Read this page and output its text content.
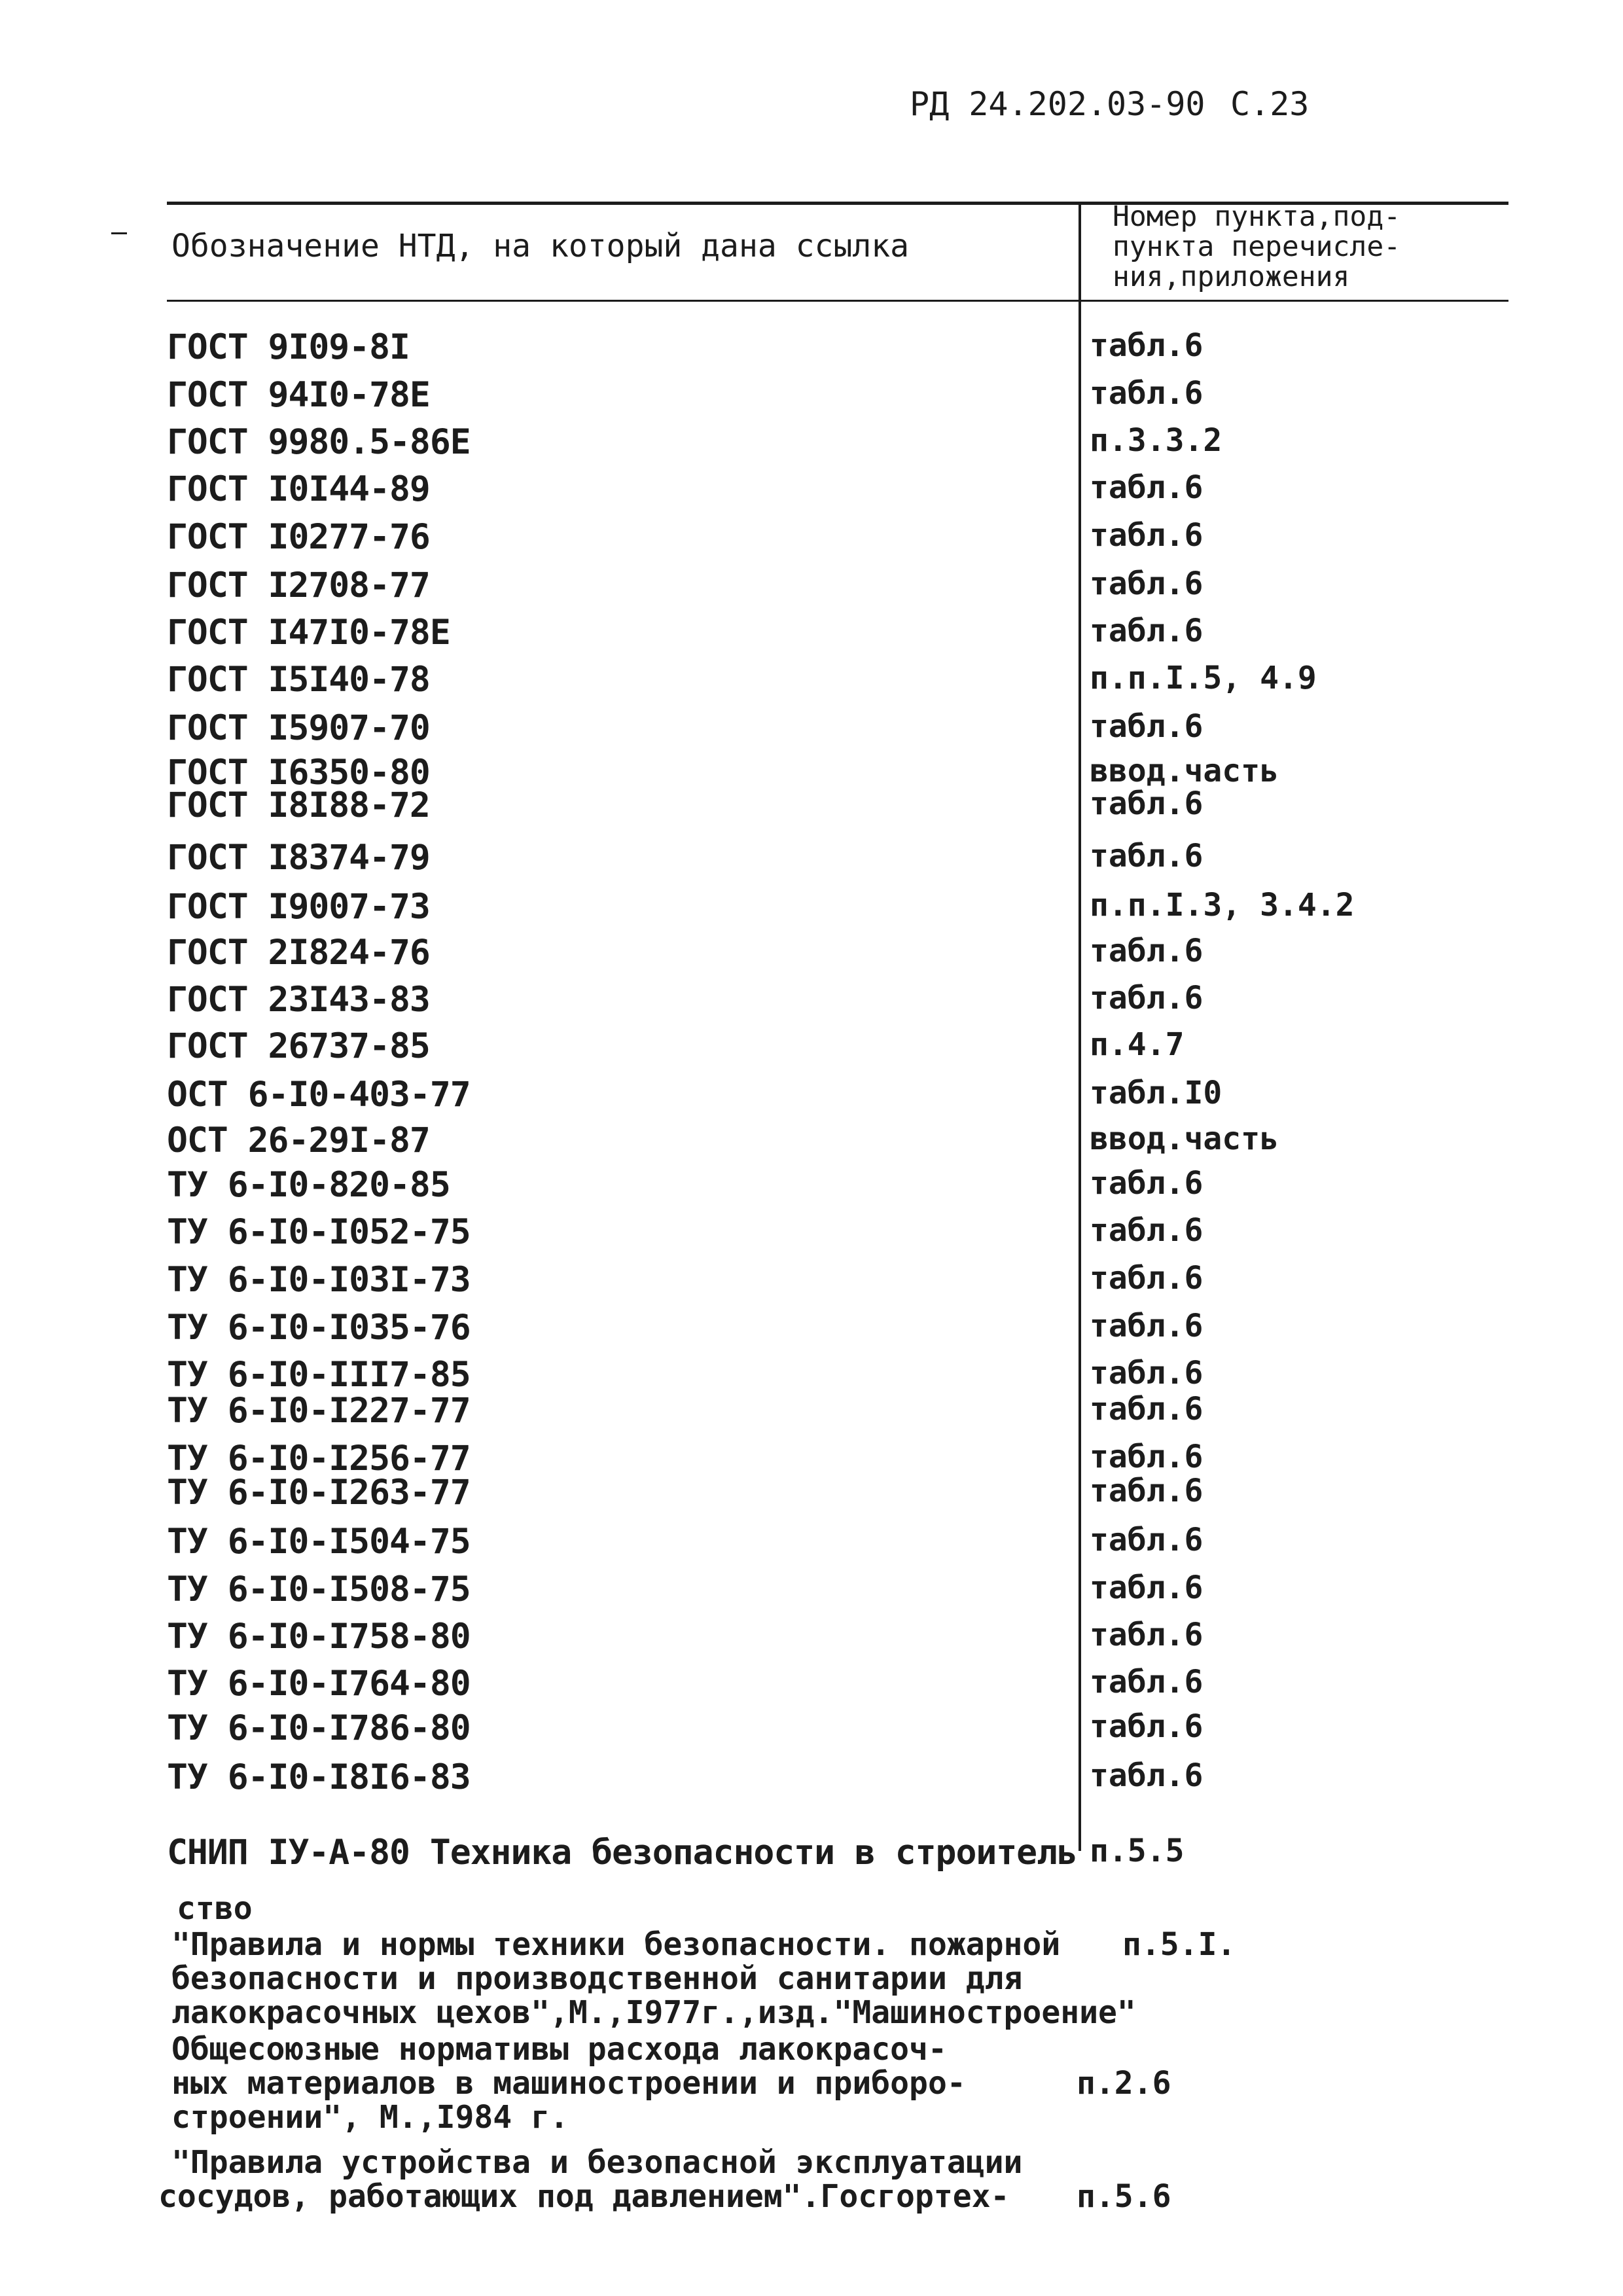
РД 24.202.03-90 С.23
Обозначение НТД, на который дана ссылка
Номер пункта,под-
пункта перечисле-
ния,приложения
ГОСТ 9I09-8I	табл.6
ГОСТ 94I0-78Е	табл.6
ГОСТ 9980.5-86Е	п.3.3.2
ГОСТ I0I44-89	табл.6
ГОСТ I0277-76	табл.6
ГОСТ I2708-77	табл.6
ГОСТ I47I0-78Е	табл.6
ГОСТ I5I40-78	п.п.I.5, 4.9
ГОСТ I5907-70	табл.6
ГОСТ I6350-80	ввод.часть
ГОСТ I8I88-72	табл.6
ГОСТ I8374-79	табл.6
ГОСТ I9007-73	п.п.I.3, 3.4.2
ГОСТ 2I824-76	табл.6
ГОСТ 23I43-83	табл.6
ГОСТ 26737-85	п.4.7
ОСТ 6-I0-403-77	табл.I0
ОСТ 26-29I-87	ввод.часть
ТУ 6-I0-820-85	табл.6
ТУ 6-I0-I052-75	табл.6
ТУ 6-I0-I03I-73	табл.6
ТУ 6-I0-I035-76	табл.6
ТУ 6-I0-III7-85	табл.6
ТУ 6-I0-I227-77	табл.6
ТУ 6-I0-I256-77	табл.6
ТУ 6-I0-I263-77	табл.6
ТУ 6-I0-I504-75	табл.6
ТУ 6-I0-I508-75	табл.6
ТУ 6-I0-I758-80	табл.6
ТУ 6-I0-I764-80	табл.6
ТУ 6-I0-I786-80	табл.6
ТУ 6-I0-I8I6-83	табл.6
СНИП IУ-А-80 Техника безопасности в строитель п.5.5
ство
"Правила и нормы техники безопасности. пожарной п.5.I.
безопасности и производственной санитарии для
лакокрасочных цехов",М.,I977г.,изд."Машиностроение"
Общесоюзные нормативы расхода лакокрасоч-
ных материалов в машиностроении и приборо-	п.2.6
строении", М.,I984 г.
"Правила устройства и безопасной эксплуатации
сосудов, работающих под давлением".Госгортех- п.5.6
